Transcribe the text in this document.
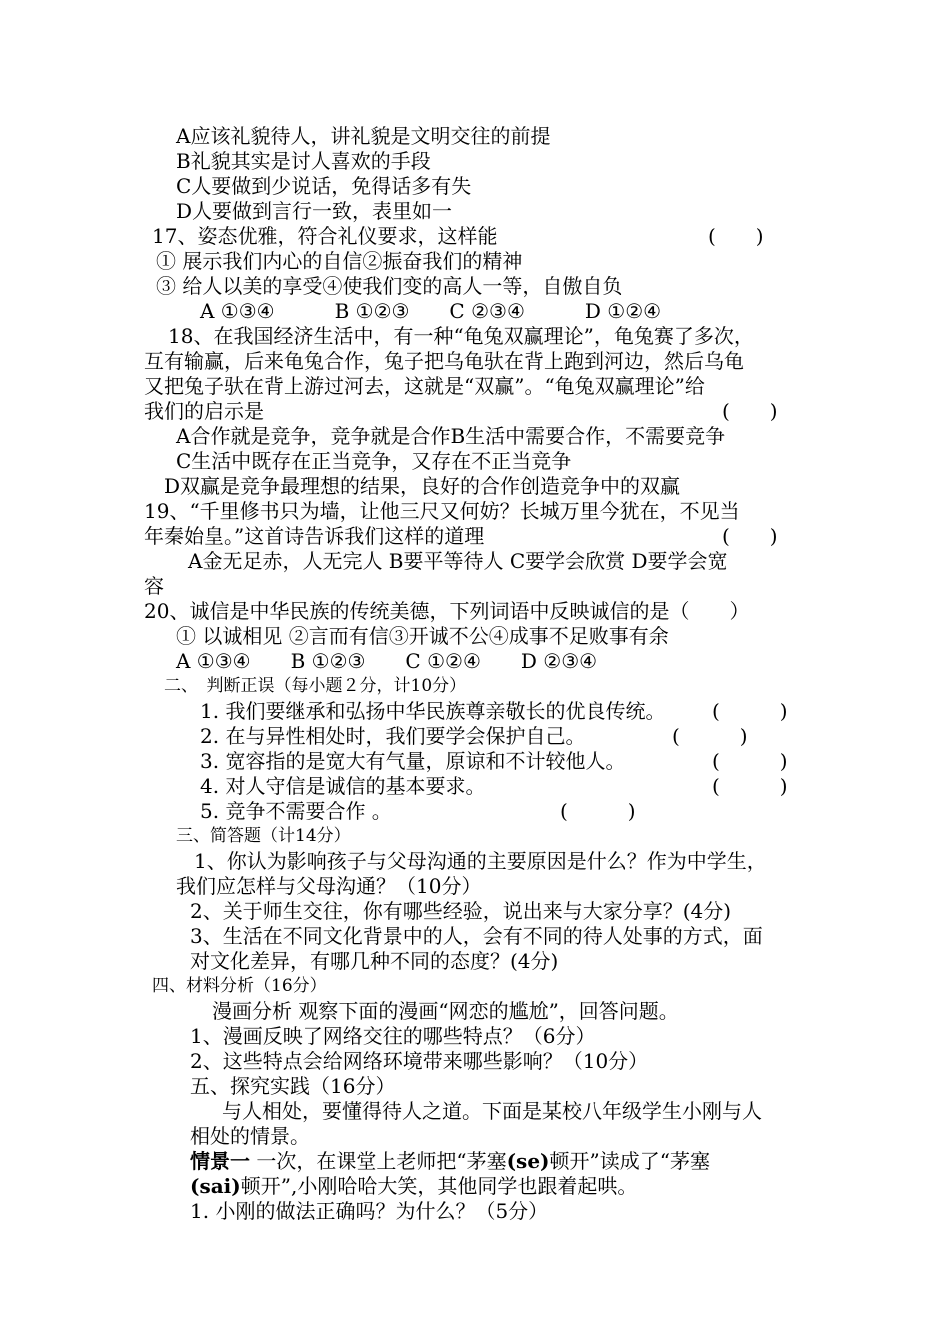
A应该礼貌待人，讲礼貌是文明交往的前提
B礼貌其实是讨人喜欢的手段
C人要做到少说话，免得话多有失
D人要做到言行一致，表里如一
17、姿态优雅，符合礼仪要求，这样能	(　　)
① 展示我们内心的自信②振奋我们的精神
③ 给人以美的享受④使我们变的高人一等，自傲自负
A ①③④　　　B ①②③　　C ②③④　　　D ①②④
18、在我国经济生活中，有一种“龟兔双赢理论”，龟兔赛了多次，
互有输赢，后来龟兔合作，兔子把乌龟驮在背上跑到河边，然后乌龟
又把兔子驮在背上游过河去，这就是“双赢”。“龟兔双赢理论”给
我们的启示是	(　　)
A合作就是竞争，竞争就是合作B生活中需要合作，不需要竞争
C生活中既存在正当竞争，又存在不正当竞争
D双赢是竞争最理想的结果，良好的合作创造竞争中的双赢
19、“千里修书只为墙，让他三尺又何妨？长城万里今犹在，不见当
年秦始皇。”这首诗告诉我们这样的道理	(　　)
A金无足赤，人无完人 B要平等待人 C要学会欣赏 D要学会宽
容
20、诚信是中华民族的传统美德，下列词语中反映诚信的是（　　）
① 以诚相见 ②言而有信③开诚不公④成事不足败事有余
A ①③④　　B ①②③　　C ①②④　　D ②③④
二、　判断正误（每小题２分，计10分）
1. 我们要继承和弘扬中华民族尊亲敬长的优良传统。 (　　　)
2. 在与异性相处时，我们要学会保护自己。	(　　　)
3. 宽容指的是宽大有气量，原谅和不计较他人。	(　　　)
4. 对人守信是诚信的基本要求。	(　　　)
5. 竞争不需要合作 。	(　　　)
三、简答题（计14分）
1、你认为影响孩子与父母沟通的主要原因是什么？作为中学生，
我们应怎样与父母沟通？（10分）
2、关于师生交往，你有哪些经验，说出来与大家分享？(4分)
3、生活在不同文化背景中的人，会有不同的待人处事的方式，面
对文化差异，有哪几种不同的态度？(4分)
四、材料分析（16分）
漫画分析 观察下面的漫画“网恋的尴尬”，回答问题。
1、漫画反映了网络交往的哪些特点？（6分）
2、这些特点会给网络环境带来哪些影响？（10分）
五、探究实践（16分）
与人相处，要懂得待人之道。下面是某校八年级学生小刚与人
相处的情景。
情景一 一次，在课堂上老师把“茅塞(se)顿开”读成了“茅塞
(sai)顿开”,小刚哈哈大笑，其他同学也跟着起哄。
1. 小刚的做法正确吗？为什么？（5分）
